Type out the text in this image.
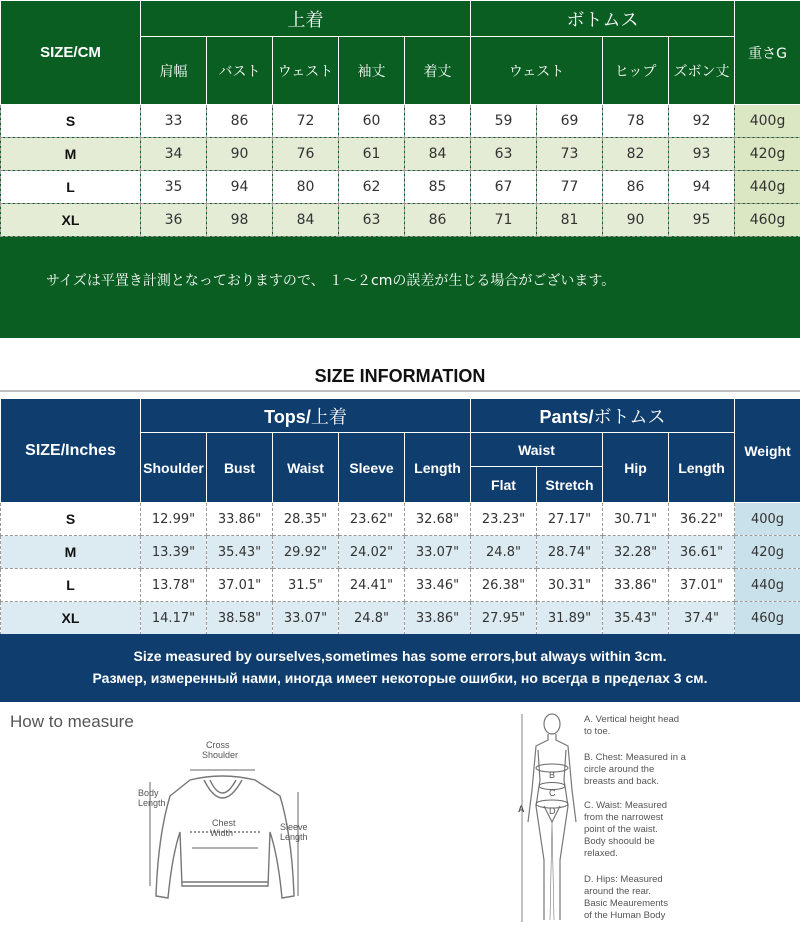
SIZE/CM	上着					ボトムス				重さG
	肩幅	バスト	ウェスト	袖丈	着丈	ウェスト		ヒップ	ズボン丈	
S	33	86	72	60	83	59	69	78	92	400g
M	34	90	76	61	84	63	73	82	93	420g
L	35	94	80	62	85	67	77	86	94	440g
XL	36	98	84	63	86	71	81	90	95	460g
サイズは平置き計測となっておりますので、 １～２cmの誤差が生じる場合がございます。
SIZE INFORMATION
SIZE/Inches	Tops/上着					Pants/ボトムス				Weight
	Shoulder	Bust	Waist	Sleeve	Length	Waist		Hip	Length	
						Flat	Stretch			
S	12.99"	33.86"	28.35"	23.62"	32.68"	23.23"	27.17"	30.71"	36.22"	400g
M	13.39"	35.43"	29.92"	24.02"	33.07"	24.8"	28.74"	32.28"	36.61"	420g
L	13.78"	37.01"	31.5"	24.41"	33.46"	26.38"	30.31"	33.86"	37.01"	440g
XL	14.17"	38.58"	33.07"	24.8"	33.86"	27.95"	31.89"	35.43"	37.4"	460g
Size measured by ourselves,sometimes has some errors,but always within 3cm.
Размер, измеренный нами, иногда имеет некоторые ошибки, но всегда в пределах 3 см.
How to measure
Cross Shoulder
Body Length
Chest Width
Sleeve Length
A
B
C
D
A. Vertical height head
to toe.
B. Chest: Measured in a
circle around the
breasts and back.
C. Waist: Measured
from the narrowest
point of the waist.
Body shoould be
relaxed.
D. Hips: Measured
around the rear.
Basic Meaurements
of the Human Body
